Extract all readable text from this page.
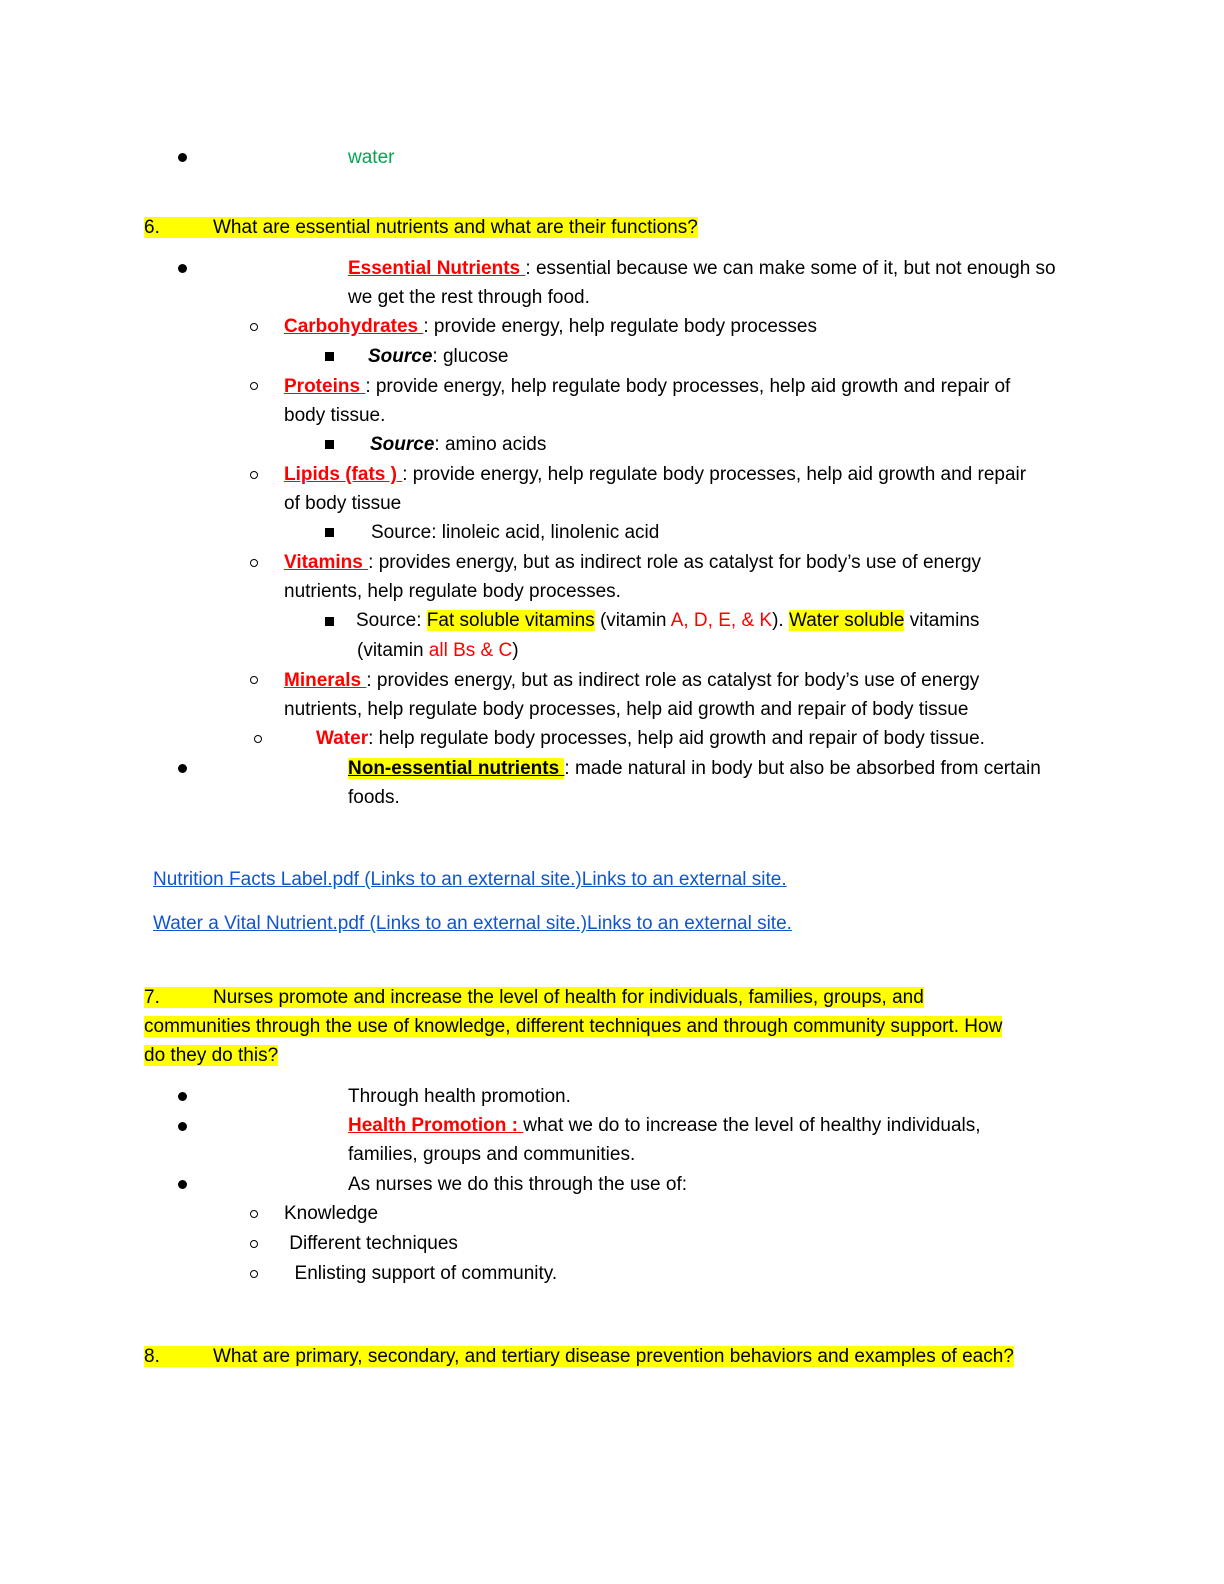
water
6.	What are essential nutrients and what are their functions?
Essential Nutrients : essential because we can make some of it, but not enough so
we get the rest through food.
Carbohydrates : provide energy, help regulate body processes
Source: glucose
Proteins : provide energy, help regulate body processes, help aid growth and repair of
body tissue.
Source: amino acids
Lipids (fats ) : provide energy, help regulate body processes, help aid growth and repair
of body tissue
Source: linoleic acid, linolenic acid
Vitamins : provides energy, but as indirect role as catalyst for body’s use of energy
nutrients, help regulate body processes.
Source: Fat soluble vitamins (vitamin A, D, E, & K). Water soluble vitamins
(vitamin all Bs & C)
Minerals : provides energy, but as indirect role as catalyst for body’s use of energy
nutrients, help regulate body processes, help aid growth and repair of body tissue
Water: help regulate body processes, help aid growth and repair of body tissue.
Non-essential nutrients : made natural in body but also be absorbed from certain
foods.
Nutrition Facts Label.pdf (Links to an external site.)Links to an external site.
Water a Vital Nutrient.pdf (Links to an external site.)Links to an external site.
7.	Nurses promote and increase the level of health for individuals, families, groups, and
communities through the use of knowledge, different techniques and through community support. How
do they do this?
Through health promotion.
Health Promotion : what we do to increase the level of healthy individuals,
families, groups and communities.
As nurses we do this through the use of:
Knowledge
Different techniques
Enlisting support of community.
8.	What are primary, secondary, and tertiary disease prevention behaviors and examples of each?
